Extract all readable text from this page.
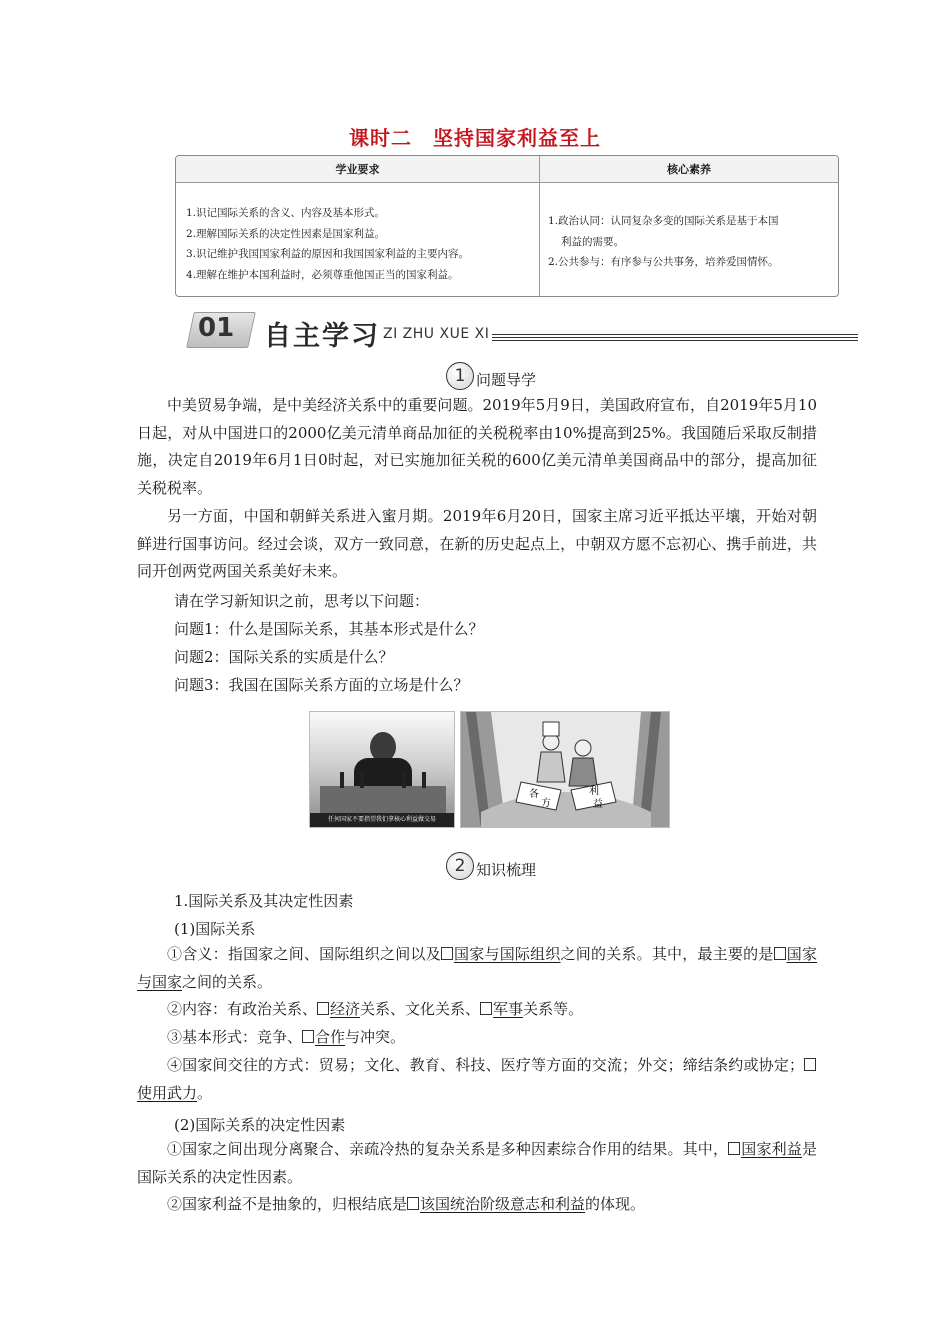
课时二　坚持国家利益至上
学业要求	核心素养
1.识记国际关系的含义、内容及基本形式。
2.理解国际关系的决定性因素是国家利益。
3.识记维护我国国家利益的原因和我国国家利益的主要内容。
4.理解在维护本国利益时，必须尊重他国正当的国家利益。
1.政治认同：认同复杂多变的国际关系是基于本国
利益的需要。
2.公共参与：有序参与公共事务，培养爱国情怀。
01 自主学习 ZI ZHU XUE XI
1 问题导学

中美贸易争端，是中美经济关系中的重要问题。2019年5月9日，美国政府宣布，自2019年5月10日起，对从中国进口的2000亿美元清单商品加征的关税税率由10%提高到25%。我国随后采取反制措施，决定自2019年6月1日0时起，对已实施加征关税的600亿美元清单美国商品中的部分，提高加征关税税率。

另一方面，中国和朝鲜关系进入蜜月期。2019年6月20日，国家主席习近平抵达平壤，开始对朝鲜进行国事访问。经过会谈，双方一致同意，在新的历史起点上，中朝双方愿不忘初心、携手前进，共同开创两党两国关系美好未来。

请在学习新知识之前，思考以下问题：
问题1：什么是国际关系，其基本形式是什么？
问题2：国际关系的实质是什么？
问题3：我国在国际关系方面的立场是什么？
任何国家不要指望我们拿核心利益做交易
各
方
利
益
2 知识梳理
1.国际关系及其决定性因素
(1)国际关系

①含义：指国家之间、国际组织之间以及 国家与国际组织之间的关系。其中，最主要的是 国家与国家之间的关系。

②内容：有政治关系、 经济关系、文化关系、 军事关系等。

③基本形式：竞争、 合作与冲突。

④国家间交往的方式：贸易；文化、教育、科技、医疗等方面的交流；外交；缔结条约或协定；使用武力。

(2)国际关系的决定性因素

①国家之间出现分离聚合、亲疏冷热的复杂关系是多种因素综合作用的结果。其中， 国家利益是国际关系的决定性因素。

②国家利益不是抽象的，归根结底是 该国统治阶级意志和利益的体现。
